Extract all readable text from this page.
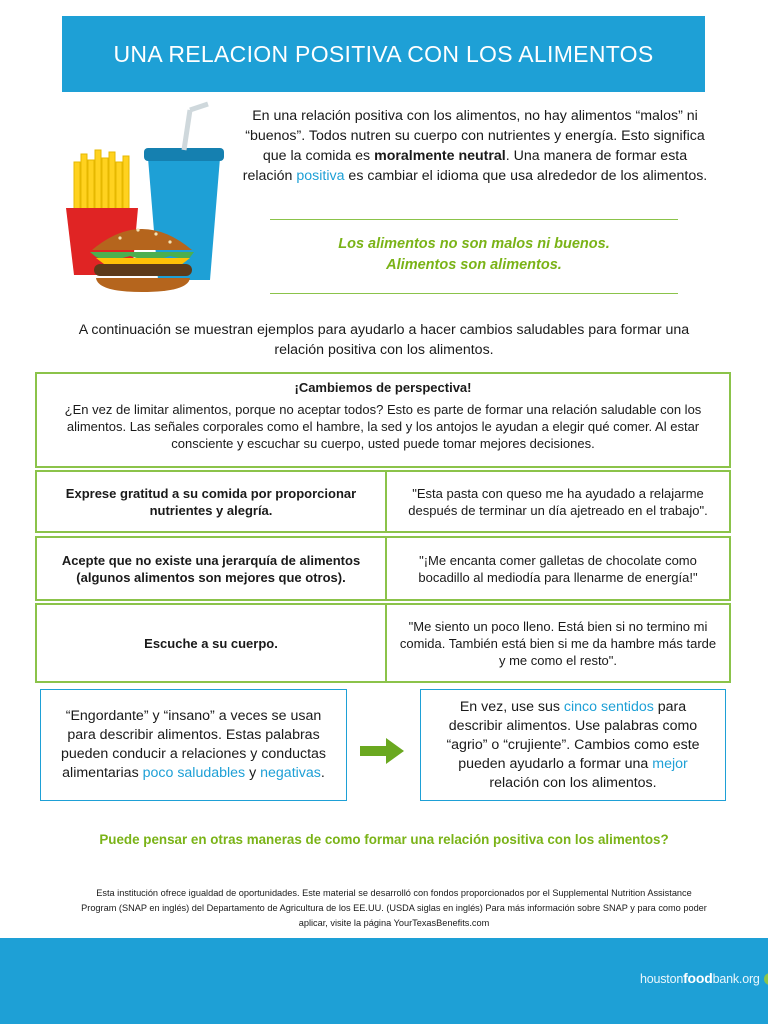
UNA RELACION POSITIVA CON LOS ALIMENTOS

En una relación positiva con los alimentos, no hay alimentos “malos” ni “buenos”. Todos nutren su cuerpo con nutrientes y energía. Esto significa que la comida es moralmente neutral. Una manera de formar esta relación positiva es cambiar el idioma que usa alrededor de los alimentos.

Los alimentos no son malos ni buenos.
Alimentos son alimentos.

A continuación se muestran ejemplos para ayudarlo a hacer cambios saludables para formar una relación positiva con los alimentos.

¡Cambiemos de perspectiva!
¿En vez de limitar alimentos, porque no aceptar todos? Esto es parte de formar una relación saludable con los alimentos. Las señales corporales como el hambre, la sed y los antojos le ayudan a elegir qué comer. Al estar consciente y escuchar su cuerpo, usted puede tomar mejores decisiones.
Exprese gratitud a su comida por proporcionar nutrientes y alegría.
"Esta pasta con queso me ha ayudado a relajarme después de terminar un día ajetreado en el trabajo".
Acepte que no existe una jerarquía de alimentos (algunos alimentos son mejores que otros).
"¡Me encanta comer galletas de chocolate como bocadillo al mediodía para llenarme de energía!"
Escuche a su cuerpo.
"Me siento un poco lleno. Está bien si no termino mi comida. También está bien si me da hambre más tarde y me como el resto".

“Engordante” y “insano” a veces se usan para describir alimentos. Estas palabras pueden conducir a relaciones y conductas alimentarias poco saludables y negativas.

En vez, use sus cinco sentidos para describir alimentos. Use palabras como “agrio” o “crujiente”. Cambios como este pueden ayudarlo a formar una mejor relación con los alimentos.

Puede pensar en otras maneras de como formar una relación positiva con los alimentos?

Esta institución ofrece igualdad de oportunidades. Este material se desarrolló con fondos proporcionados por el Supplemental Nutrition Assistance Program (SNAP en inglés) del Departamento de Agricultura de los EE.UU. (USDA siglas en inglés) Para más información sobre SNAP y para como poder aplicar, visite la página YourTexasBenefits.com

houstonfoodbank.org
